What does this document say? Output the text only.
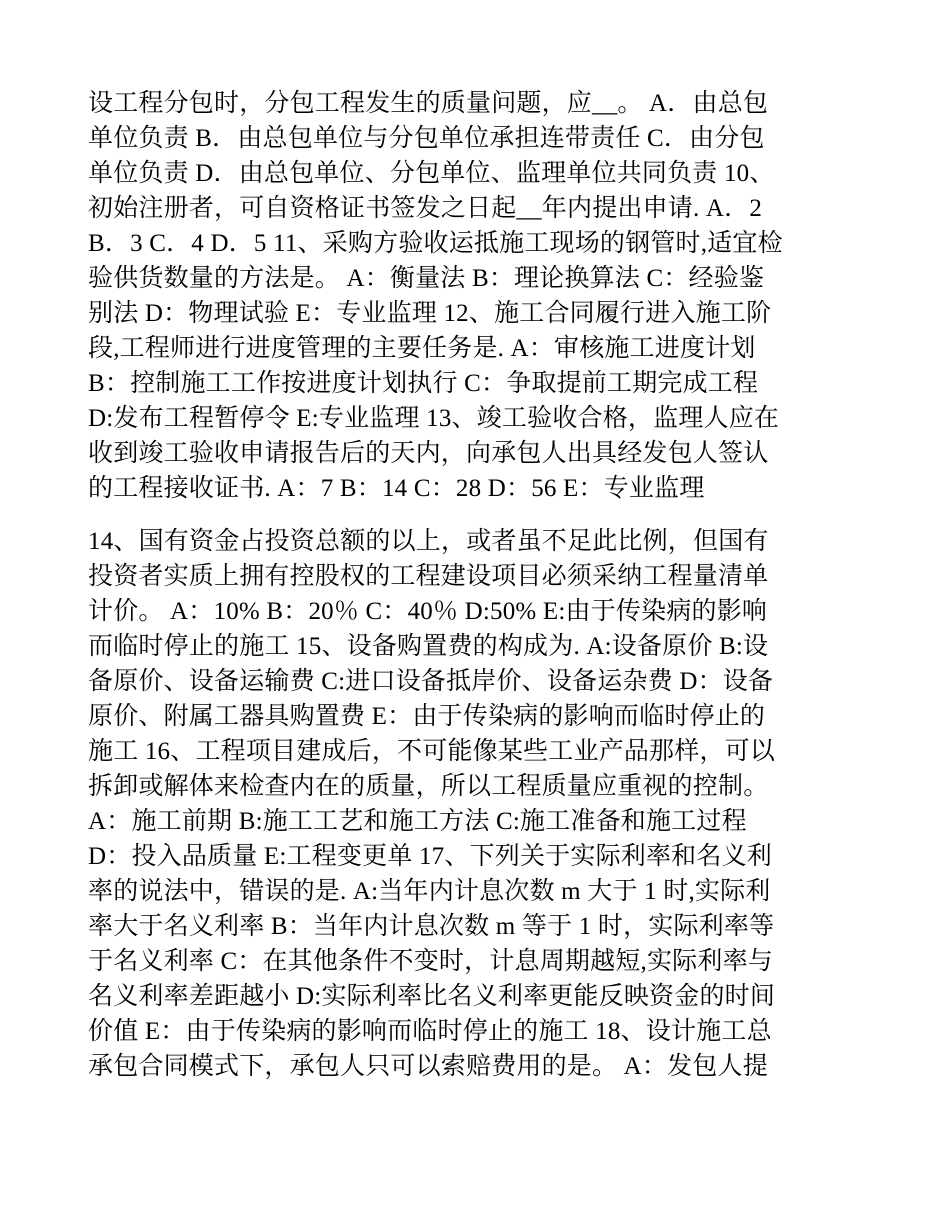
设工程分包时，分包工程发生的质量问题，应__。 A．由总包
单位负责 B．由总包单位与分包单位承担连带责任 C．由分包
单位负责 D．由总包单位、分包单位、监理单位共同负责 10、
初始注册者，可自资格证书签发之日起__年内提出申请. A．2
B．3 C．4 D．5 11、采购方验收运抵施工现场的钢管时,适宜检
验供货数量的方法是。 A：衡量法 B：理论换算法 C：经验鉴
别法 D：物理试验 E：专业监理 12、施工合同履行进入施工阶
段,工程师进行进度管理的主要任务是. A：审核施工进度计划
B：控制施工工作按进度计划执行 C：争取提前工期完成工程
D:发布工程暂停令 E:专业监理 13、竣工验收合格，监理人应在
收到竣工验收申请报告后的天内，向承包人出具经发包人签认
的工程接收证书. A：7 B：14 C：28 D：56 E：专业监理
14、国有资金占投资总额的以上，或者虽不足此比例，但国有
投资者实质上拥有控股权的工程建设项目必须采纳工程量清单
计价。 A：10% B：20％ C：40％ D:50% E:由于传染病的影响
而临时停止的施工 15、设备购置费的构成为. A:设备原价 B:设
备原价、设备运输费 C:进口设备抵岸价、设备运杂费 D：设备
原价、附属工器具购置费 E：由于传染病的影响而临时停止的
施工 16、工程项目建成后，不可能像某些工业产品那样，可以
拆卸或解体来检查内在的质量，所以工程质量应重视的控制。
A：施工前期 B:施工工艺和施工方法 C:施工准备和施工过程
D：投入品质量 E:工程变更单 17、下列关于实际利率和名义利
率的说法中，错误的是. A:当年内计息次数 m 大于 1 时,实际利
率大于名义利率 B：当年内计息次数 m 等于 1 时，实际利率等
于名义利率 C：在其他条件不变时，计息周期越短,实际利率与
名义利率差距越小 D:实际利率比名义利率更能反映资金的时间
价值 E：由于传染病的影响而临时停止的施工 18、设计施工总
承包合同模式下，承包人只可以索赔费用的是。 A：发包人提
